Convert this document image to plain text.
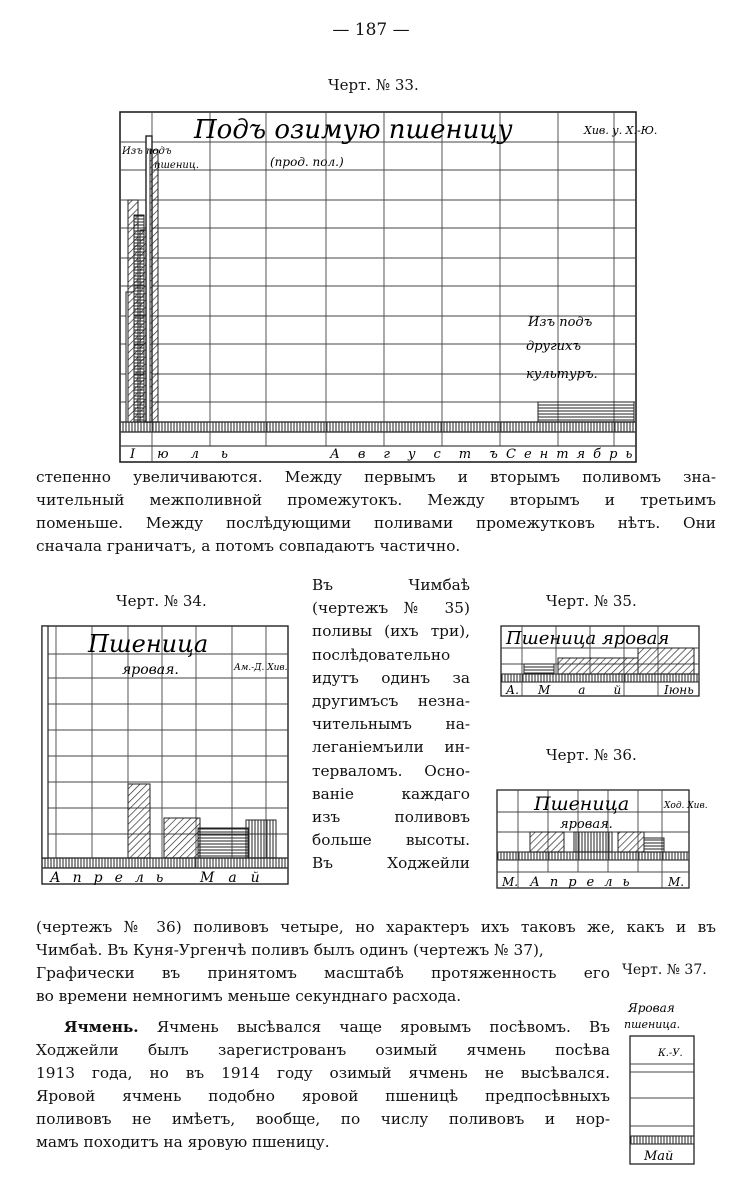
— 187 —
Черт. № 33.
Подъ озимую пшеницу	Хив. у. Х.-Ю.
Изъ подъ
пшениц.	(прод. пол.)
Изъ подъ
другихъ
культуръ.
Іюль	Августъ
Сентябрь
степенно увеличиваются. Между первымъ и вторымъ поливомъ зна-
чительный межполивной промежутокъ. Между вторымъ и третьимъ
поменьше. Между послѣдующими поливами промежутковъ нѣтъ. Они
сначала граничатъ, а потомъ совпадаютъ частично.
Черт. № 34.
Пшеница
яровая.	Ам.-Д. Хив.
Апрель Май
Въ Чимбаѣ
(чертежъ № 35)
поливы (ихъ три),
послѣдовательно
идутъ одинъ за
другимъсъ незна-
чительнымъ на-
леганіемъили ин-
терваломъ. Осно-
ваніе каждаго
изъ поливовъ
больше высоты.
Въ Ходжейли
Черт. № 35.
Пшеница яровая
А. Май Іюнь
Черт. № 36.
Пшеница
яровая.
Ход. Хив.
М. Апрель М.
(чертежъ № 36) поливовъ четыре, но характеръ ихъ таковъ же, какъ и въ
Чимбаѣ. Въ Куня-Ургенчѣ поливъ былъ одинъ (чертежъ № 37),
Графически въ принятомъ масштабѣ протяженность его
во времени немногимъ меньше секунднаго расхода.
Черт. № 37.
Яровая
пшеница.
К.-У.
Май
Ячмень. Ячмень высѣвался чаще яровымъ посѣвомъ. Въ
Ходжейли былъ зарегистрованъ озимый ячмень посѣва
1913 года, но въ 1914 году озимый ячмень не высѣвался.
Яровой ячмень подобно яровой пшеницѣ предпосѣвныхъ
поливовъ не имѣетъ, вообще, по числу поливовъ и нор-
мамъ походитъ на яровую пшеницу.
